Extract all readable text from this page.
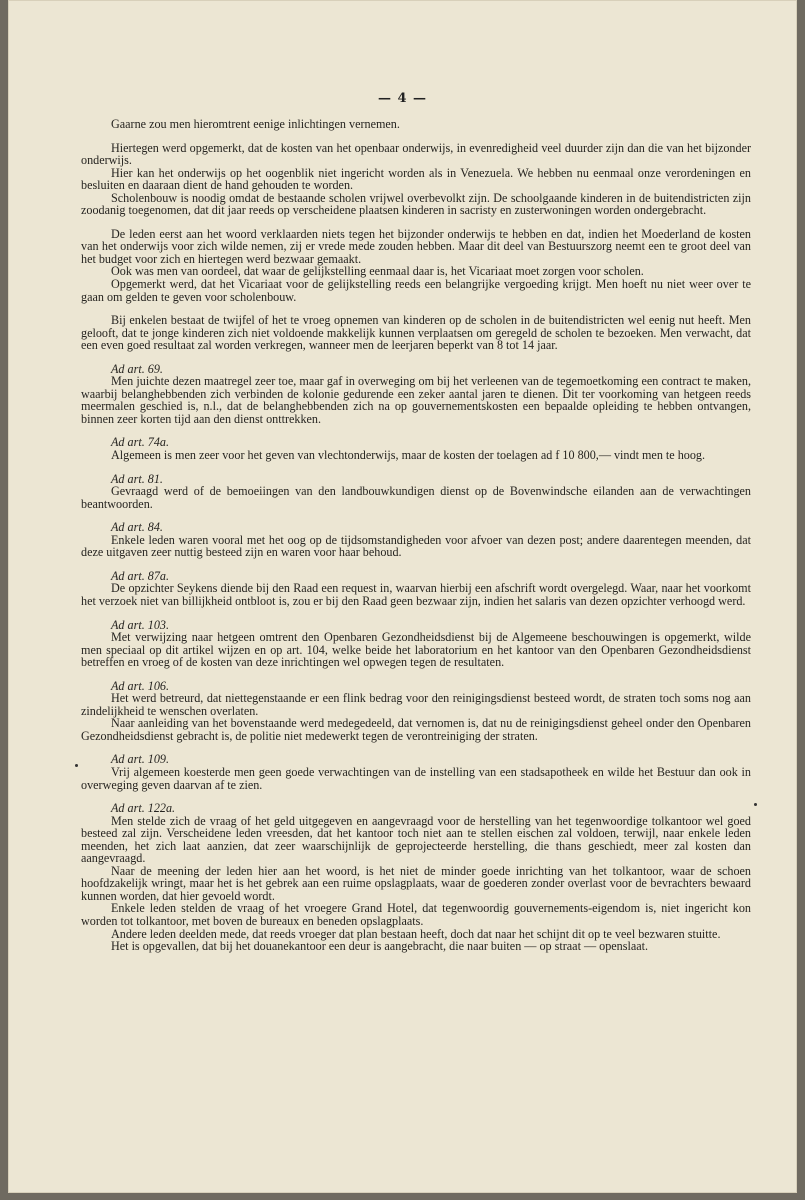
— 4 —

Gaarne zou men hieromtrent eenige inlichtingen vernemen.

Hiertegen werd opgemerkt, dat de kosten van het openbaar onderwijs, in evenredigheid veel duurder zijn dan die van het bijzonder onderwijs.

Hier kan het onderwijs op het oogenblik niet ingericht worden als in Venezuela. We hebben nu eenmaal onze verordeningen en besluiten en daaraan dient de hand gehouden te worden.

Scholenbouw is noodig omdat de bestaande scholen vrijwel overbevolkt zijn. De schoolgaande kinderen in de buitendistricten zijn zoodanig toegenomen, dat dit jaar reeds op verscheidene plaatsen kinderen in sacristy en zusterwoningen worden ondergebracht.

De leden eerst aan het woord verklaarden niets tegen het bijzonder onderwijs te hebben en dat, indien het Moederland de kosten van het onderwijs voor zich wilde nemen, zij er vrede mede zouden hebben. Maar dit deel van Bestuurszorg neemt een te groot deel van het budget voor zich en hiertegen werd bezwaar gemaakt.

Ook was men van oordeel, dat waar de gelijkstelling eenmaal daar is, het Vicariaat moet zorgen voor scholen.

Opgemerkt werd, dat het Vicariaat voor de gelijkstelling reeds een belangrijke vergoeding krijgt. Men hoeft nu niet weer over te gaan om gelden te geven voor scholenbouw.

Bij enkelen bestaat de twijfel of het te vroeg opnemen van kinderen op de scholen in de buitendistricten wel eenig nut heeft. Men gelooft, dat te jonge kinderen zich niet voldoende makkelijk kunnen verplaatsen om geregeld de scholen te bezoeken. Men verwacht, dat een even goed resultaat zal worden verkregen, wanneer men de leerjaren beperkt van 8 tot 14 jaar.

Ad art. 69.

Men juichte dezen maatregel zeer toe, maar gaf in overweging om bij het verleenen van de tegemoetkoming een contract te maken, waarbij belanghebbenden zich verbinden de kolonie gedurende een zeker aantal jaren te dienen. Dit ter voorkoming van hetgeen reeds meermalen geschied is, n.l., dat de belanghebbenden zich na op gouvernementskosten een bepaalde opleiding te hebben ontvangen, binnen zeer korten tijd aan den dienst onttrekken.

Ad art. 74a.

Algemeen is men zeer voor het geven van vlechtonderwijs, maar de kosten der toelagen ad f 10 800,— vindt men te hoog.

Ad art. 81.

Gevraagd werd of de bemoeiingen van den landbouwkundigen dienst op de Bovenwindsche eilanden aan de verwachtingen beantwoorden.

Ad art. 84.

Enkele leden waren vooral met het oog op de tijdsomstandigheden voor afvoer van dezen post; andere daarentegen meenden, dat deze uitgaven zeer nuttig besteed zijn en waren voor haar behoud.

Ad art. 87a.

De opzichter Seykens diende bij den Raad een request in, waarvan hierbij een afschrift wordt overgelegd. Waar, naar het voorkomt het verzoek niet van billijkheid ontbloot is, zou er bij den Raad geen bezwaar zijn, indien het salaris van dezen opzichter verhoogd werd.

Ad art. 103.

Met verwijzing naar hetgeen omtrent den Openbaren Gezondheidsdienst bij de Algemeene beschouwingen is opgemerkt, wilde men speciaal op dit artikel wijzen en op art. 104, welke beide het laboratorium en het kantoor van den Openbaren Gezondheidsdienst betreffen en vroeg of de kosten van deze inrichtingen wel opwegen tegen de resultaten.

Ad art. 106.

Het werd betreurd, dat niettegenstaande er een flink bedrag voor den reinigingsdienst besteed wordt, de straten toch soms nog aan zindelijkheid te wenschen overlaten.

Naar aanleiding van het bovenstaande werd medegedeeld, dat vernomen is, dat nu de reinigingsdienst geheel onder den Openbaren Gezondheidsdienst gebracht is, de politie niet medewerkt tegen de verontreiniging der straten.

Ad art. 109.

Vrij algemeen koesterde men geen goede verwachtingen van de instelling van een stadsapotheek en wilde het Bestuur dan ook in overweging geven daarvan af te zien.

Ad art. 122a.

Men stelde zich de vraag of het geld uitgegeven en aangevraagd voor de herstelling van het tegenwoordige tolkantoor wel goed besteed zal zijn. Verscheidene leden vreesden, dat het kantoor toch niet aan te stellen eischen zal voldoen, terwijl, naar enkele leden meenden, het zich laat aanzien, dat zeer waarschijnlijk de geprojecteerde herstelling, die thans geschiedt, meer zal kosten dan aangevraagd.

Naar de meening der leden hier aan het woord, is het niet de minder goede inrichting van het tolkantoor, waar de schoen hoofdzakelijk wringt, maar het is het gebrek aan een ruime opslagplaats, waar de goederen zonder overlast voor de bevrachters bewaard kunnen worden, dat hier gevoeld wordt.

Enkele leden stelden de vraag of het vroegere Grand Hotel, dat tegenwoordig gouvernements-eigendom is, niet ingericht kon worden tot tolkantoor, met boven de bureaux en beneden opslagplaats.

Andere leden deelden mede, dat reeds vroeger dat plan bestaan heeft, doch dat naar het schijnt dit op te veel bezwaren stuitte.

Het is opgevallen, dat bij het douanekantoor een deur is aangebracht, die naar buiten — op straat — openslaat.
